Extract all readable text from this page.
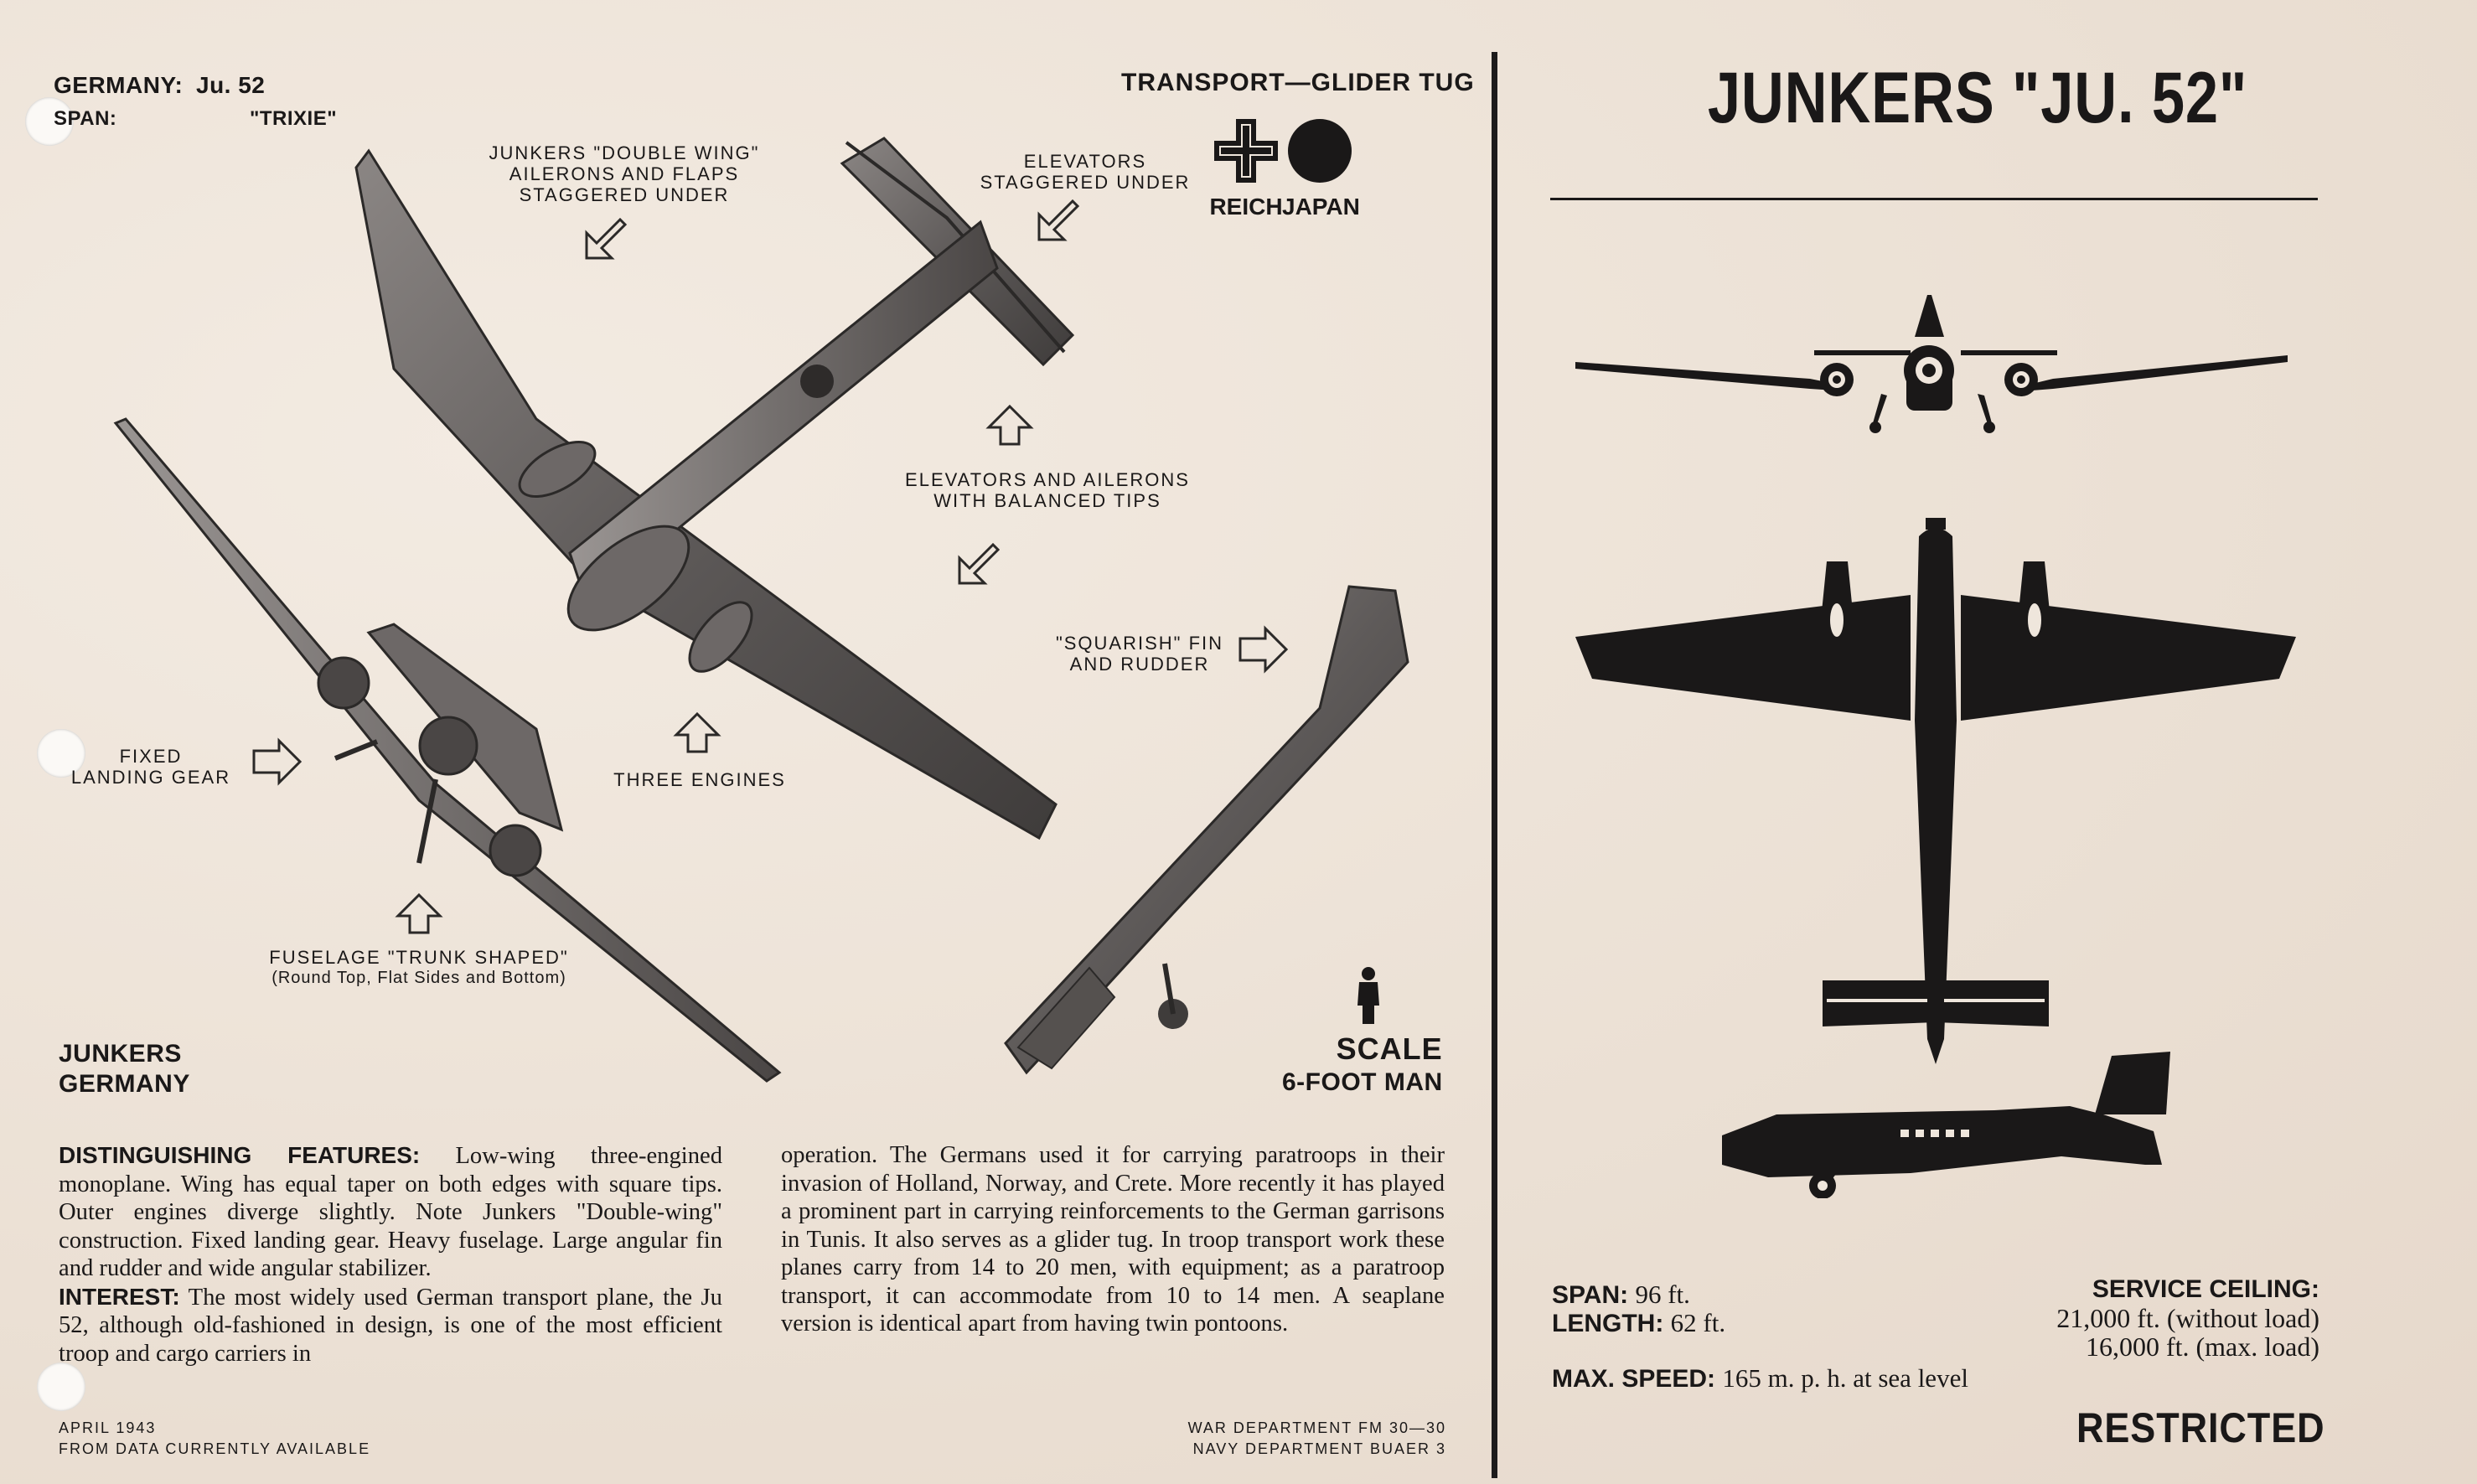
GERMANY: Ju. 52
SPAN:	"TRIXIE"
TRANSPORT—GLIDER TUG
REICH JAPAN
JUNKERS "DOUBLE WING"
AILERONS AND FLAPS
STAGGERED UNDER
ELEVATORS
STAGGERED UNDER
ELEVATORS AND AILERONS
WITH BALANCED TIPS
"SQUARISH" FIN
AND RUDDER
FIXED
LANDING GEAR	THREE ENGINES
FUSELAGE "TRUNK SHAPED"
(Round Top, Flat Sides and Bottom)
JUNKERS
GERMANY
SCALE
6-FOOT MAN
DISTINGUISHING FEATURES: Low-wing three-engined monoplane. Wing has equal taper on both edges with square tips. Outer engines diverge slightly. Note Junkers "Double-wing" construction. Fixed landing gear. Heavy fuselage. Large angular fin and rudder and wide angular stabilizer.
INTEREST: The most widely used German transport plane, the Ju 52, although old-fashioned in design, is one of the most efficient troop and cargo carriers in
operation. The Germans used it for carrying paratroops in their invasion of Holland, Norway, and Crete. More recently it has played a prominent part in carrying reinforcements to the German garrisons in Tunis. It also serves as a glider tug. In troop transport work these planes carry from 14 to 20 men, with equipment; as a paratroop transport, it can accommodate from 10 to 14 men. A seaplane version is identical apart from having twin pontoons.
APRIL 1943
FROM DATA CURRENTLY AVAILABLE
WAR DEPARTMENT FM 30—30
NAVY DEPARTMENT BUAER 3
JUNKERS "JU. 52"
SPAN: 96 ft.
LENGTH: 62 ft.
MAX. SPEED: 165 m. p. h. at sea level
SERVICE CEILING:
21,000 ft. (without load)
16,000 ft. (max. load)
RESTRICTED
